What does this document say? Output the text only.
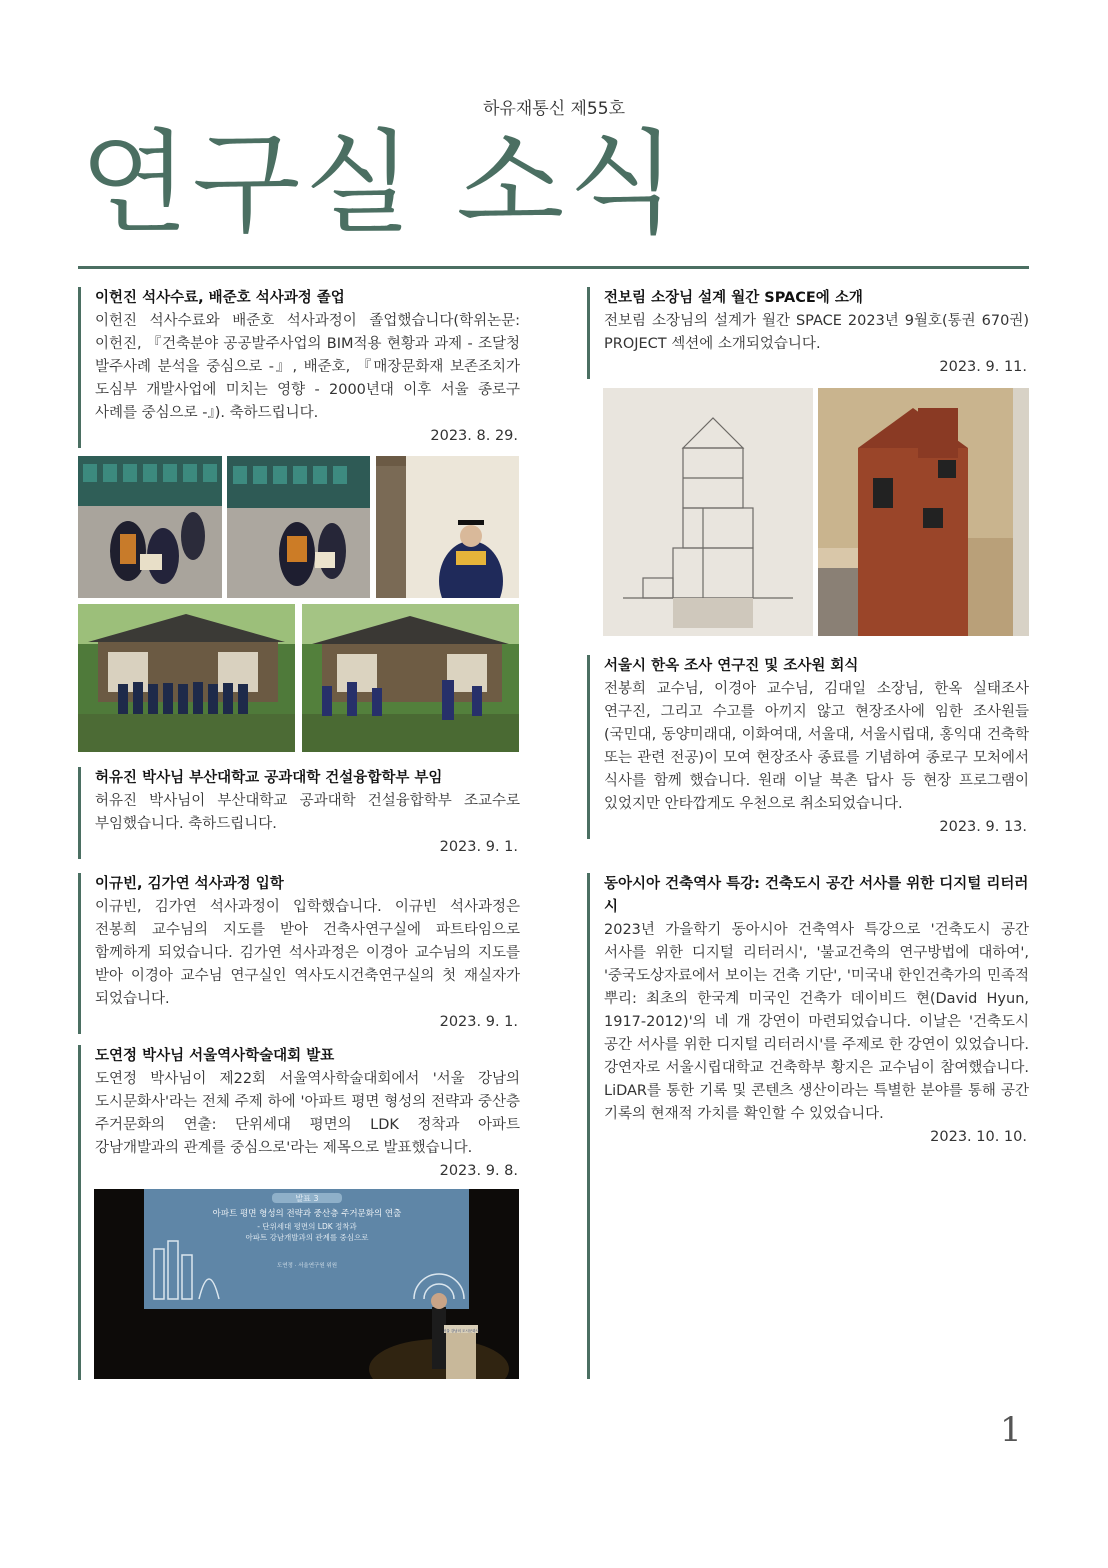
하유재통신 제55호
연구실 소식
이헌진 석사수료, 배준호 석사과정 졸업

이헌진 석사수료와 배준호 석사과정이 졸업했습니다(학위논문: 이헌진, 『건축분야 공공발주사업의 BIM적용 현황과 과제 - 조달청 발주사례 분석을 중심으로 -』, 배준호, 『매장문화재 보존조치가 도심부 개발사업에 미치는 영향 - 2000년대 이후 서울 종로구 사례를 중심으로 -』). 축하드립니다.

2023. 8. 29.
허유진 박사님 부산대학교 공과대학 건설융합학부 부임

허유진 박사님이 부산대학교 공과대학 건설융합학부 조교수로 부임했습니다. 축하드립니다.

2023. 9. 1.
이규빈, 김가연 석사과정 입학

이규빈, 김가연 석사과정이 입학했습니다. 이규빈 석사과정은 전봉희 교수님의 지도를 받아 건축사연구실에 파트타임으로 함께하게 되었습니다. 김가연 석사과정은 이경아 교수님의 지도를 받아 이경아 교수님 연구실인 역사도시건축연구실의 첫 재실자가 되었습니다.

2023. 9. 1.
도연정 박사님 서울역사학술대회 발표

도연정 박사님이 제22회 서울역사학술대회에서 '서울 강남의 도시문화사'라는 전체 주제 하에 '아파트 평면 형성의 전략과 중산층 주거문화의 연출: 단위세대 평면의 LDK 정착과 아파트 강남개발과의 관계를 중심으로'라는 제목으로 발표했습니다.

2023. 9. 8.
발표 3
아파트 평면 형성의 전략과 중산층 주거문화의 연출
- 단위세대 평면의 LDK 정착과
아파트 강남개발과의 관계를 중심으로
도연정 · 서울연구원 위원
서울 강남의 도시문화사
전보림 소장님 설계 월간 SPACE에 소개

전보림 소장님의 설계가 월간 SPACE 2023년 9월호(통권 670권) PROJECT 섹션에 소개되었습니다.

2023. 9. 11.
서울시 한옥 조사 연구진 및 조사원 회식

전봉희 교수님, 이경아 교수님, 김대일 소장님, 한옥 실태조사 연구진, 그리고 수고를 아끼지 않고 현장조사에 임한 조사원들(국민대, 동양미래대, 이화여대, 서울대, 서울시립대, 홍익대 건축학 또는 관련 전공)이 모여 현장조사 종료를 기념하여 종로구 모처에서 식사를 함께 했습니다. 원래 이날 북촌 답사 등 현장 프로그램이 있었지만 안타깝게도 우천으로 취소되었습니다.

2023. 9. 13.
동아시아 건축역사 특강: 건축도시 공간 서사를 위한 디지털 리터러시

2023년 가을학기 동아시아 건축역사 특강으로 '건축도시 공간 서사를 위한 디지털 리터러시', '불교건축의 연구방법에 대하여', '중국도상자료에서 보이는 건축 기단', '미국내 한인건축가의 민족적 뿌리: 최초의 한국계 미국인 건축가 데이비드 현(David Hyun, 1917-2012)'의 네 개 강연이 마련되었습니다. 이날은 '건축도시 공간 서사를 위한 디지털 리터러시'를 주제로 한 강연이 있었습니다. 강연자로 서울시립대학교 건축학부 황지은 교수님이 참여했습니다. LiDAR를 통한 기록 및 콘텐츠 생산이라는 특별한 분야를 통해 공간 기록의 현재적 가치를 확인할 수 있었습니다.

2023. 10. 10.
1
